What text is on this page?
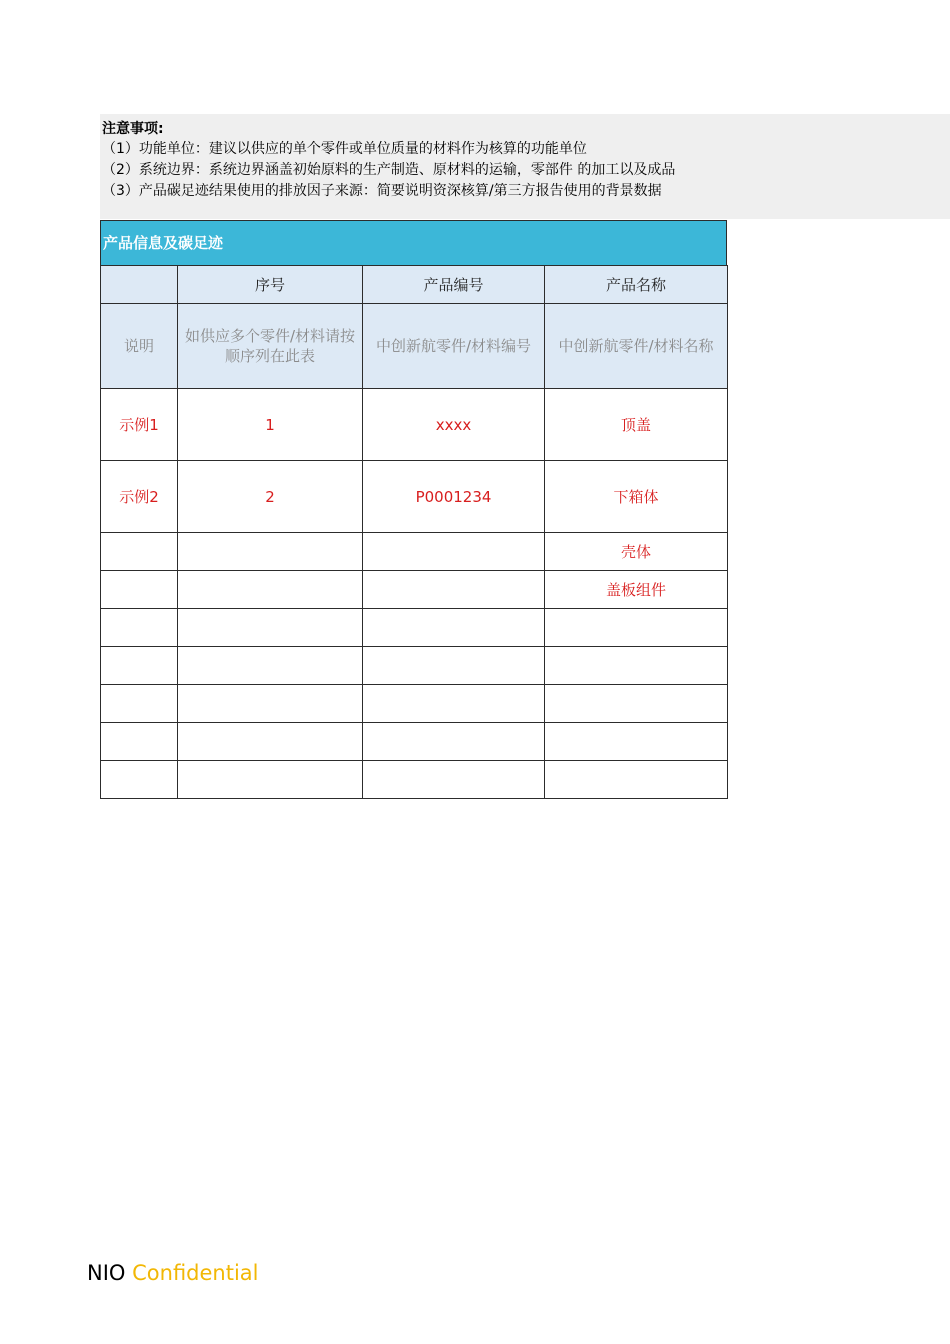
注意事项:
（1）功能单位：建议以供应的单个零件或单位质量的材料作为核算的功能单位
（2）系统边界：系统边界涵盖初始原料的生产制造、原材料的运输，零部件 的加工以及成品
（3）产品碳足迹结果使用的排放因子来源：简要说明资深核算/第三方报告使用的背景数据
产品信息及碳足迹
	序号	产品编号	产品名称
说明	如供应多个零件/材料请按顺序列在此表	中创新航零件/材料编号	中创新航零件/材料名称
示例1	1	xxxx	顶盖
示例2	2	P0001234	下箱体
			壳体
			盖板组件

NIO Confidential
